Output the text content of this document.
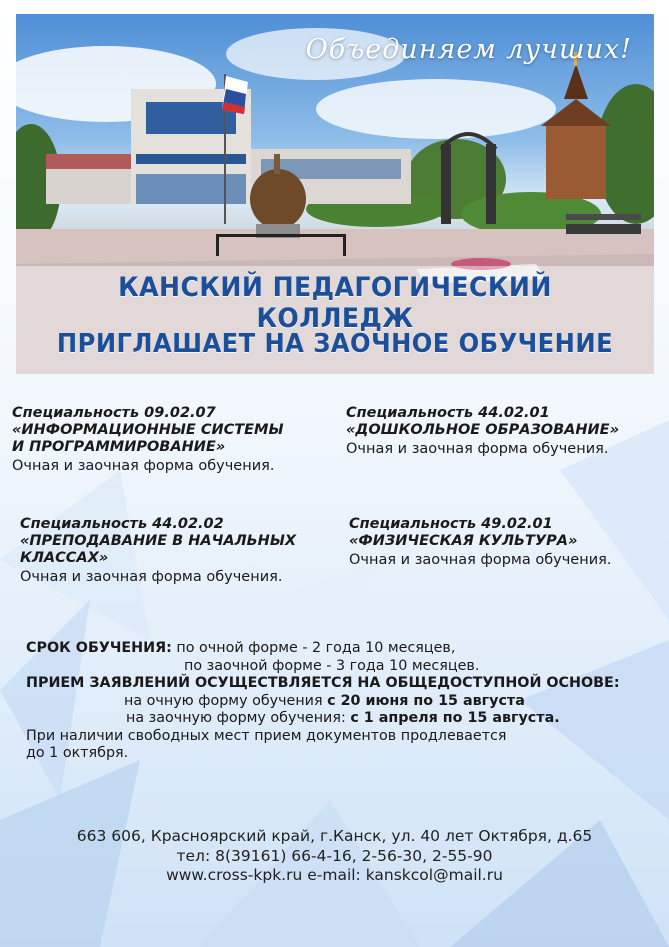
Объединяем лучших!
КАНСКИЙ ПЕДАГОГИЧЕСКИЙ КОЛЛЕДЖ
ПРИГЛАШАЕТ НА ЗАОЧНОЕ ОБУЧЕНИЕ
Специальность 09.02.07
«ИНФОРМАЦИОННЫЕ СИСТЕМЫ
И ПРОГРАММИРОВАНИЕ»
Очная и заочная форма обучения.
Специальность 44.02.01
«ДОШКОЛЬНОЕ ОБРАЗОВАНИЕ»
Очная и заочная форма обучения.
Специальность 44.02.02
«ПРЕПОДАВАНИЕ В НАЧАЛЬНЫХ
КЛАССАХ»
Очная и заочная форма обучения.
Специальность 49.02.01
«ФИЗИЧЕСКАЯ КУЛЬТУРА»
Очная и заочная форма обучения.
СРОК ОБУЧЕНИЯ: по очной форме - 2 года 10 месяцев,
по заочной форме - 3 года 10 месяцев.
ПРИЕМ ЗАЯВЛЕНИЙ ОСУЩЕСТВЛЯЕТСЯ НА ОБЩЕДОСТУПНОЙ ОСНОВЕ:
на очную форму обучения с 20 июня по 15 августа
на заочную форму обучения: с 1 апреля по 15 августа.
При наличии свободных мест прием документов продлевается
до 1 октября.
663 606, Красноярский край, г.Канск, ул. 40 лет Октября, д.65
тел: 8(39161) 66-4-16, 2-56-30, 2-55-90
www.cross-kpk.ru e-mail: kanskcol@mail.ru
